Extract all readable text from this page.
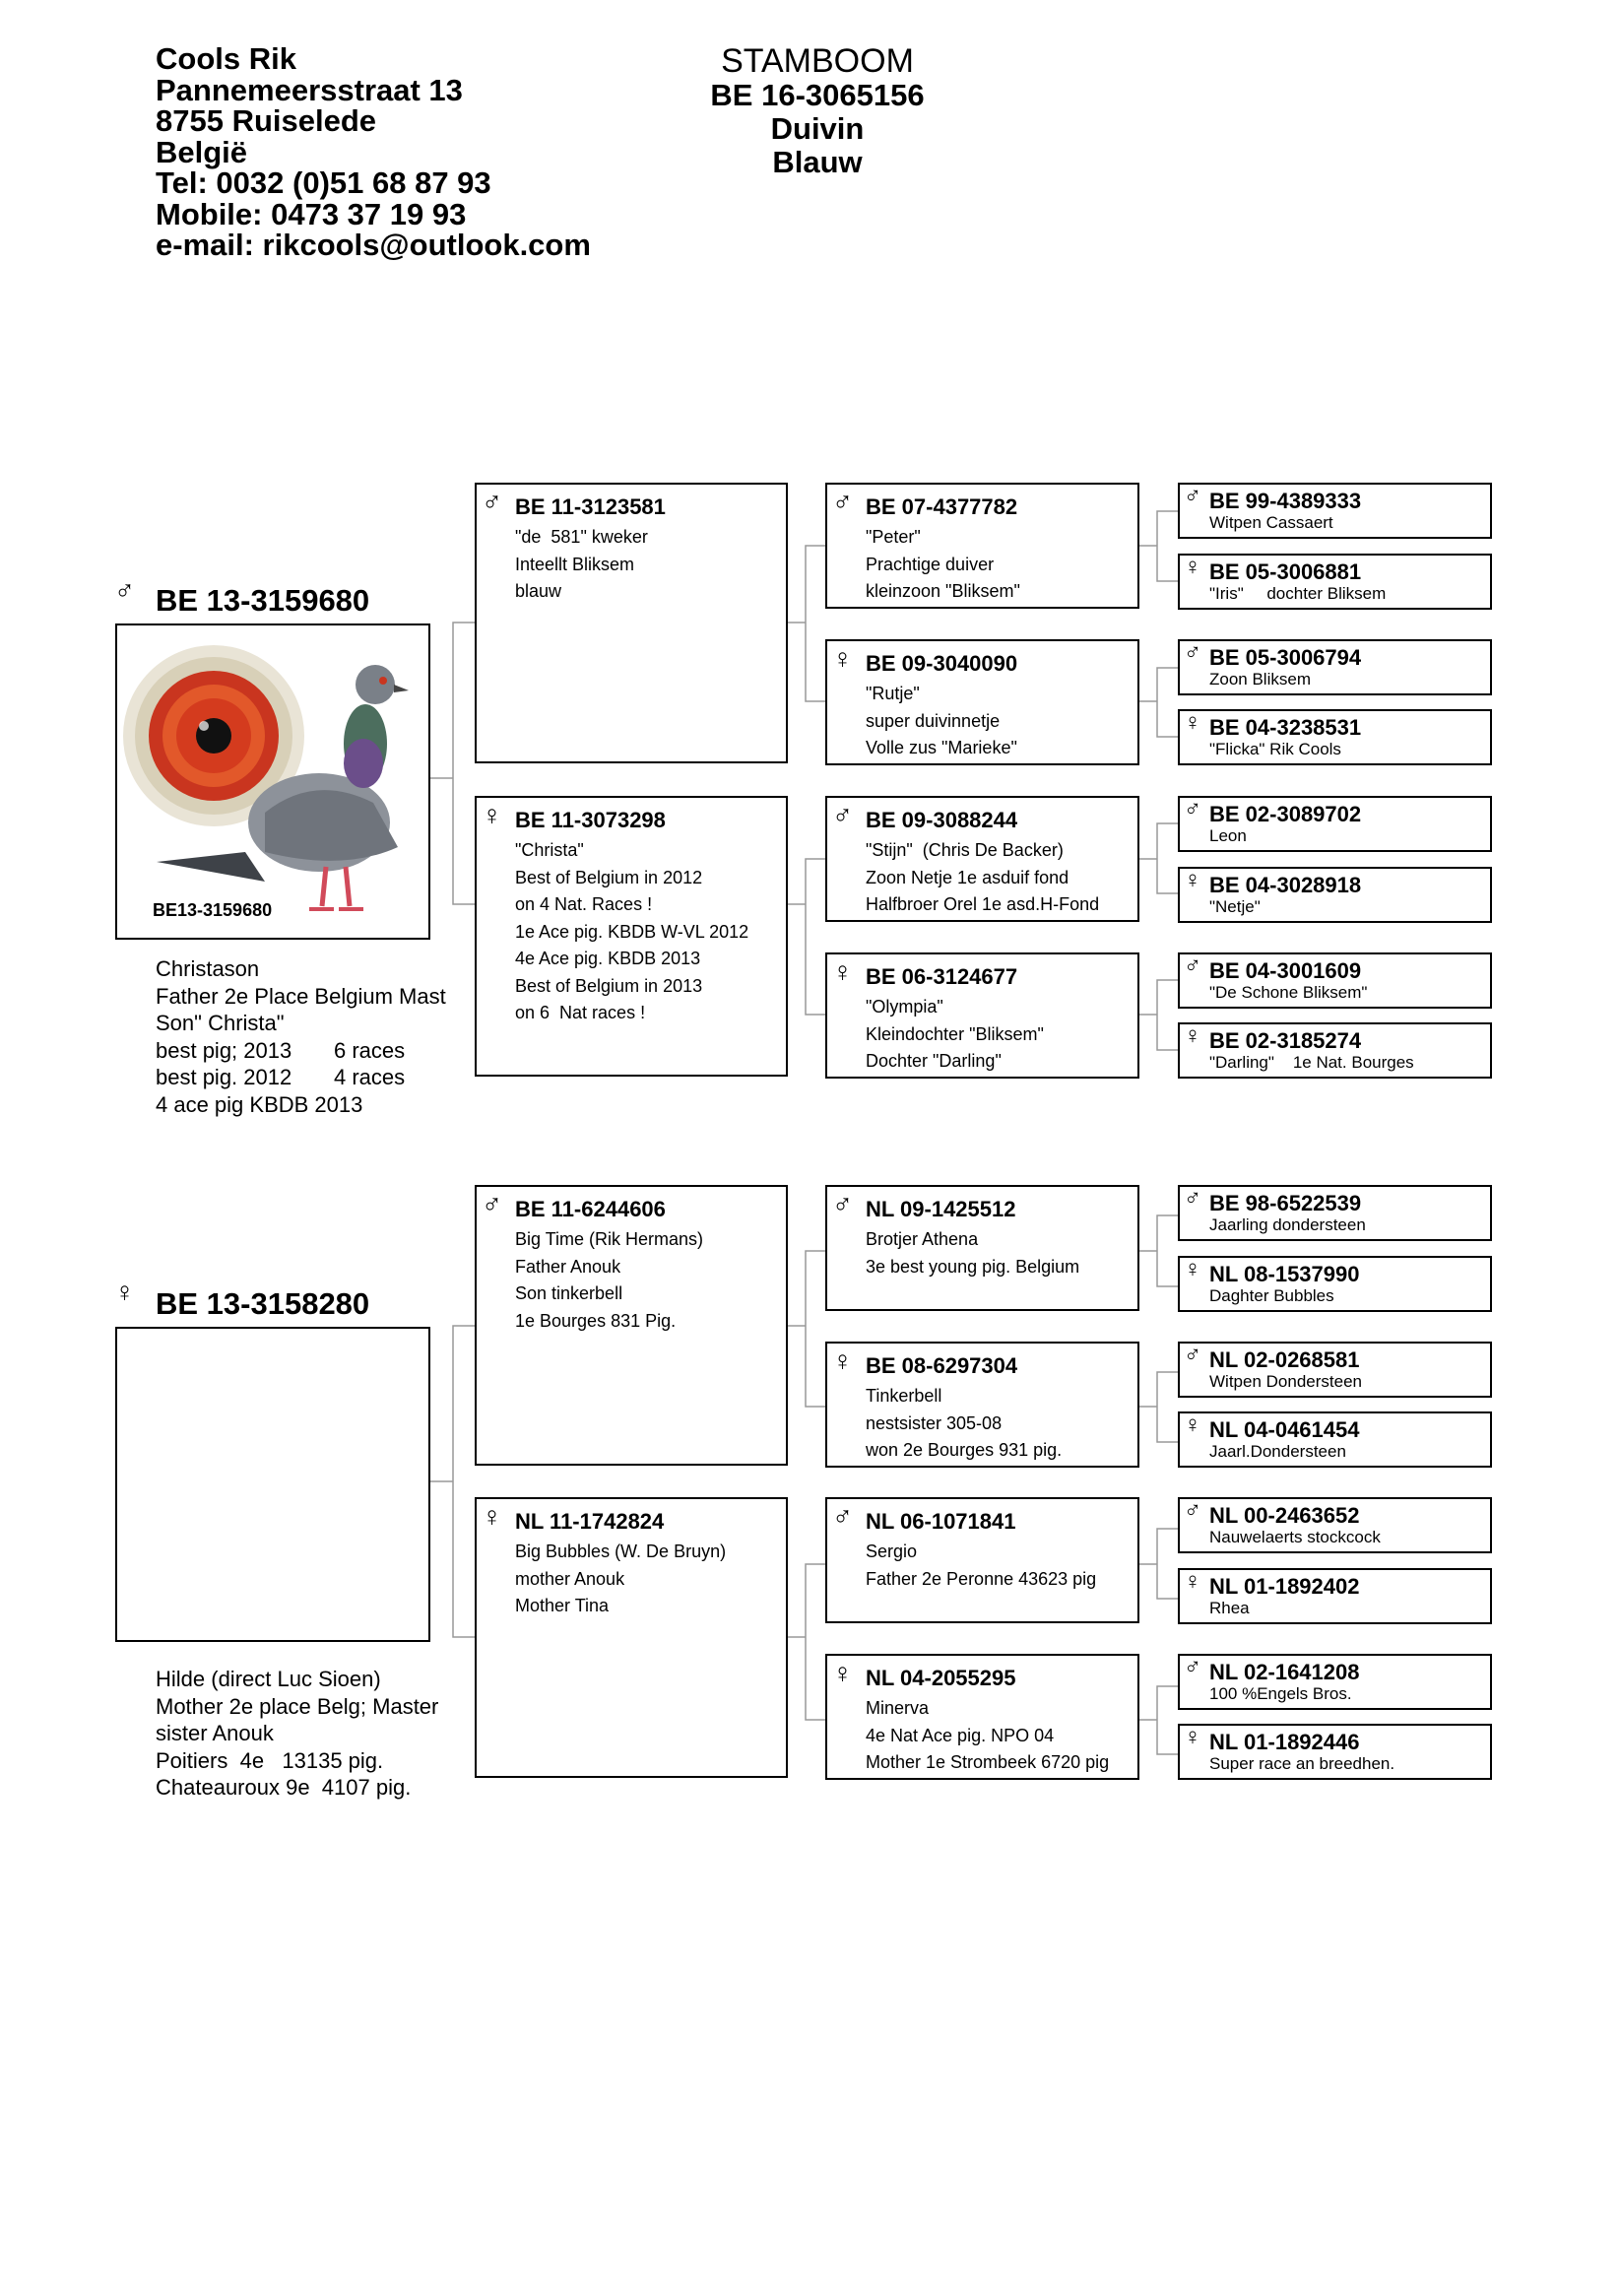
Cools Rik
Pannemeersstraat 13
8755 Ruiselede
België
Tel: 0032 (0)51 68 87 93
Mobile: 0473 37 19 93
e-mail: rikcools@outlook.com
STAMBOOM
BE 16-3065156
Duivin
Blauw
♂ BE 13-3159680
BE13-3159680
Christason
Father 2e Place Belgium Mast
Son" Christa"
best pig; 2013       6 races
best pig. 2012       4 races
4 ace pig KBDB 2013
♀ BE 13-3158280
Hilde (direct Luc Sioen)
Mother 2e place Belg; Master
sister Anouk
Poitiers  4e   13135 pig.
Chateauroux 9e  4107 pig.
♂ BE 11-3123581
"de  581" kweker
Inteellt Bliksem
blauw
♀ BE 11-3073298
"Christa"
Best of Belgium in 2012
on 4 Nat. Races !
1e Ace pig. KBDB W-VL 2012
4e Ace pig. KBDB 2013
Best of Belgium in 2013
on 6  Nat races !
♂ BE 11-6244606
Big Time (Rik Hermans)
Father Anouk
Son tinkerbell
1e Bourges 831 Pig.
♀ NL 11-1742824
Big Bubbles (W. De Bruyn)
mother Anouk
Mother Tina
♂ BE 07-4377782
"Peter"
Prachtige duiver
kleinzoon "Bliksem"
♀ BE 09-3040090
"Rutje"
super duivinnetje
Volle zus "Marieke"
♂ BE 09-3088244
"Stijn"  (Chris De Backer)
Zoon Netje 1e asduif fond
Halfbroer Orel 1e asd.H-Fond
♀ BE 06-3124677
"Olympia"
Kleindochter "Bliksem"
Dochter "Darling"
♂ NL 09-1425512
Brotjer Athena
3e best young pig. Belgium
♀ BE 08-6297304
Tinkerbell
nestsister 305-08
won 2e Bourges 931 pig.
♂ NL 06-1071841
Sergio
Father 2e Peronne 43623 pig
♀ NL 04-2055295
Minerva
4e Nat Ace pig. NPO 04
Mother 1e Strombeek 6720 pig
♂ BE 99-4389333
Witpen Cassaert
♀ BE 05-3006881
"Iris"     dochter Bliksem
♂ BE 05-3006794
Zoon Bliksem
♀ BE 04-3238531
"Flicka" Rik Cools
♂ BE 02-3089702
Leon
♀ BE 04-3028918
"Netje"
♂ BE 04-3001609
"De Schone Bliksem"
♀ BE 02-3185274
"Darling"    1e Nat. Bourges
♂ BE 98-6522539
Jaarling dondersteen
♀ NL 08-1537990
Daghter Bubbles
♂ NL 02-0268581
Witpen Dondersteen
♀ NL 04-0461454
Jaarl.Dondersteen
♂ NL 00-2463652
Nauwelaerts stockcock
♀ NL 01-1892402
Rhea
♂ NL 02-1641208
100 %Engels Bros.
♀ NL 01-1892446
Super race an breedhen.
